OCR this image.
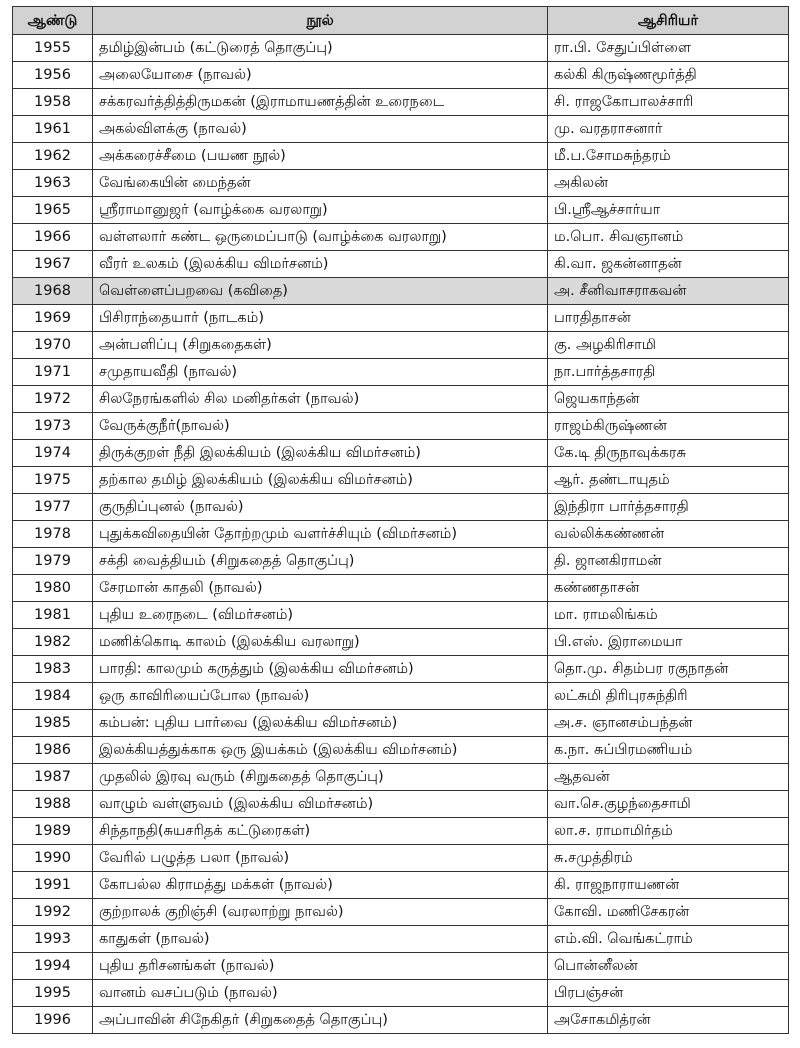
ஆண்டு	நூல்	ஆசிரியர்
1955	தமிழ்இன்பம் (கட்டுரைத் தொகுப்பு)	ரா.பி. சேதுப்பிள்ளை
1956	அலையோசை (நாவல்)	கல்கி கிருஷ்ணமூர்த்தி
1958	சக்கரவர்த்தித்திருமகன் (இராமாயணத்தின் உரைநடை	சி. ராஜகோபாலச்சாரி
1961	அகல்விளக்கு (நாவல்)	மு. வரதராசனார்
1962	அக்கரைச்சீமை (பயண நூல்)	மீ.ப.சோமசுந்தரம்
1963	வேங்கையின் மைந்தன்	அகிலன்
1965	ஸ்ரீராமானுஜர் (வாழ்க்கை வரலாறு)	பி.ஸ்ரீஆச்சார்யா
1966	வள்ளலார் கண்ட ஒருமைப்பாடு (வாழ்க்கை வரலாறு)	ம.பொ. சிவஞானம்
1967	வீரர் உலகம் (இலக்கிய விமர்சனம்)	கி.வா. ஜகன்னாதன்
1968	வெள்ளைப்பறவை (கவிதை)	அ. சீனிவாசராகவன்
1969	பிசிராந்தையார் (நாடகம்)	பாரதிதாசன்
1970	அன்பளிப்பு (சிறுகதைகள்)	கு. அழகிரிசாமி
1971	சமுதாயவீதி (நாவல்)	நா.பார்த்தசாரதி
1972	சிலநேரங்களில் சில மனிதர்கள் (நாவல்)	ஜெயகாந்தன்
1973	வேருக்குநீர்(நாவல்)	ராஜம்கிருஷ்ணன்
1974	திருக்குறள் நீதி இலக்கியம் (இலக்கிய விமர்சனம்)	கே.டி திருநாவுக்கரசு
1975	தற்கால தமிழ் இலக்கியம் (இலக்கிய விமர்சனம்)	ஆர். தண்டாயுதம்
1977	குருதிப்புனல் (நாவல்)	இந்திரா பார்த்தசாரதி
1978	புதுக்கவிதையின் தோற்றமும் வளர்ச்சியும் (விமர்சனம்)	வல்லிக்கண்ணன்
1979	சக்தி வைத்தியம் (சிறுகதைத் தொகுப்பு)	தி. ஜானகிராமன்
1980	சேரமான் காதலி (நாவல்)	கண்ணதாசன்
1981	புதிய உரைநடை (விமர்சனம்)	மா. ராமலிங்கம்
1982	மணிக்கொடி காலம் (இலக்கிய வரலாறு)	பி.எஸ். இராமையா
1983	பாரதி: காலமும் கருத்தும் (இலக்கிய விமர்சனம்)	தொ.மு. சிதம்பர ரகுநாதன்
1984	ஒரு காவிரியைப்போல (நாவல்)	லட்சுமி திரிபுரசுந்திரி
1985	கம்பன்: புதிய பார்வை (இலக்கிய விமர்சனம்)	அ.ச. ஞானசம்பந்தன்
1986	இலக்கியத்துக்காக ஒரு இயக்கம் (இலக்கிய விமர்சனம்)	க.நா. சுப்பிரமணியம்
1987	முதலில் இரவு வரும் (சிறுகதைத் தொகுப்பு)	ஆதவன்
1988	வாழும் வள்ளுவம் (இலக்கிய விமர்சனம்)	வா.செ.குழந்தைசாமி
1989	சிந்தாநதி(சுயசரிதக் கட்டுரைகள்)	லா.ச. ராமாமிர்தம்
1990	வேரில் பழுத்த பலா (நாவல்)	சு.சமுத்திரம்
1991	கோபல்ல கிராமத்து மக்கள் (நாவல்)	கி. ராஜநாராயணன்
1992	குற்றாலக் குறிஞ்சி (வரலாற்று நாவல்)	கோவி. மணிசேகரன்
1993	காதுகள் (நாவல்)	எம்.வி. வெங்கட்ராம்
1994	புதிய தரிசனங்கள் (நாவல்)	பொன்னீலன்
1995	வானம் வசப்படும் (நாவல்)	பிரபஞ்சன்
1996	அப்பாவின் சிநேகிதர் (சிறுகதைத் தொகுப்பு)	அசோகமித்ரன்
